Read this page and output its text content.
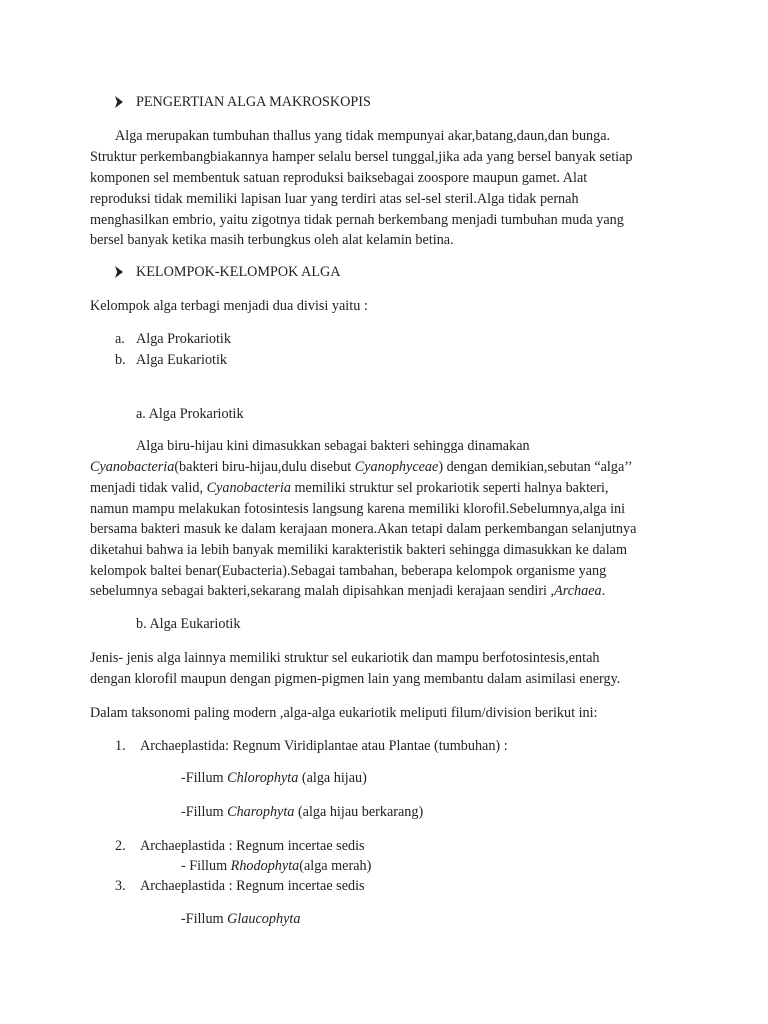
PENGERTIAN ALGA MAKROSKOPIS

Alga merupakan tumbuhan thallus yang tidak mempunyai akar,batang,daun,dan bunga.

Struktur perkembangbiakannya hamper selalu bersel tunggal,jika ada yang bersel banyak setiap

komponen sel membentuk satuan reproduksi baiksebagai zoospore maupun gamet. Alat

reproduksi tidak memiliki lapisan luar yang terdiri atas sel-sel steril.Alga tidak pernah

menghasilkan embrio, yaitu zigotnya tidak pernah berkembang menjadi tumbuhan muda yang

bersel banyak ketika masih terbungkus oleh alat kelamin betina.

KELOMPOK-KELOMPOK ALGA

Kelompok alga terbagi menjadi dua divisi yaitu :

a. Alga Prokariotik

b. Alga Eukariotik

a. Alga Prokariotik

Alga biru-hijau kini dimasukkan sebagai bakteri sehingga dinamakan

Cyanobacteria(bakteri biru-hijau,dulu disebut Cyanophyceae) dengan demikian,sebutan “alga’’

menjadi tidak valid, Cyanobacteria memiliki struktur sel prokariotik seperti halnya bakteri,

namun mampu melakukan fotosintesis langsung karena memiliki klorofil.Sebelumnya,alga ini

bersama bakteri masuk ke dalam kerajaan monera.Akan tetapi dalam perkembangan selanjutnya

diketahui bahwa ia lebih banyak memiliki karakteristik bakteri sehingga dimasukkan ke dalam

kelompok baltei benar(Eubacteria).Sebagai tambahan, beberapa kelompok organisme yang

sebelumnya sebagai bakteri,sekarang malah dipisahkan menjadi kerajaan sendiri ,Archaea.

b. Alga Eukariotik

Jenis- jenis alga lainnya memiliki struktur sel eukariotik dan mampu berfotosintesis,entah

dengan klorofil maupun dengan pigmen-pigmen lain yang membantu dalam asimilasi energy.

Dalam taksonomi paling modern ,alga-alga eukariotik meliputi filum/division berikut ini:

1. Archaeplastida: Regnum Viridiplantae atau Plantae (tumbuhan) :

-Fillum Chlorophyta (alga hijau)

-Fillum Charophyta (alga hijau berkarang)

2. Archaeplastida : Regnum incertae sedis

- Fillum Rhodophyta(alga merah)

3. Archaeplastida : Regnum incertae sedis

-Fillum Glaucophyta
